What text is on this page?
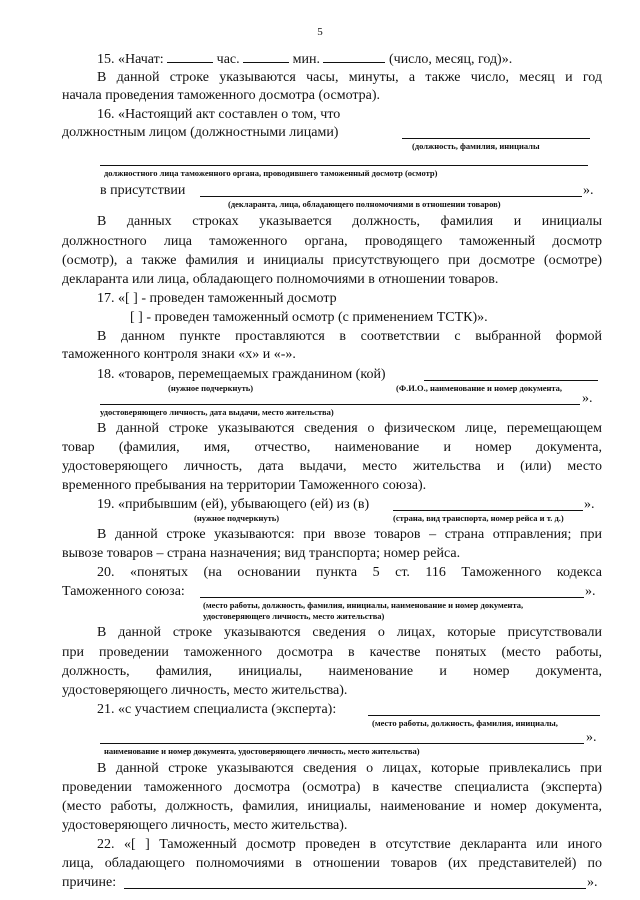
5
15. «Начат:	час.	мин.	(число, месяц, год)».
В данной строке указываются часы, минуты, а также число, месяц и год
начала проведения таможенного досмотра (осмотра).
16. «Настоящий акт составлен о том, что
должностным лицом (должностными лицами)
(должность, фамилия, инициалы
должностного лица таможенного органа, проводившего таможенный досмотр (осмотр)
в присутствии	».
(декларанта, лица, обладающего полномочиями в отношении товаров)
В данных строках указывается должность, фамилия и инициалы
должностного лица таможенного органа, проводящего таможенный досмотр
(осмотр), а также фамилия и инициалы присутствующего при досмотре (осмотре)
декларанта или лица, обладающего полномочиями в отношении товаров.
17. «[ ] - проведен таможенный досмотр
[ ] - проведен таможенный осмотр (с применением ТСТК)».
В данном пункте проставляются в соответствии с выбранной формой
таможенного контроля знаки «x» и «-».
18. «товаров, перемещаемых гражданином (кой)
(нужное подчеркнуть)	(Ф.И.О., наименование и номер документа,
».
удостоверяющего личность, дата выдачи, место жительства)
В данной строке указываются сведения о физическом лице, перемещающем
товар (фамилия, имя, отчество, наименование и номер документа,
удостоверяющего личность, дата выдачи, место жительства и (или) место
временного пребывания на территории Таможенного союза).
19. «прибывшим (ей), убывающего (ей) из (в)	».
(нужное подчеркнуть)	(страна, вид транспорта, номер рейса и т. д.)
В данной строке указываются: при ввозе товаров – страна отправления; при
вывозе товаров – страна назначения; вид транспорта; номер рейса.
20. «понятых (на основании пункта 5 ст. 116 Таможенного кодекса
Таможенного союза:	».
(место работы, должность, фамилия, инициалы, наименование и номер документа,
удостоверяющего личность, место жительства)
В данной строке указываются сведения о лицах, которые присутствовали
при проведении таможенного досмотра в качестве понятых (место работы,
должность, фамилия, инициалы, наименование и номер документа,
удостоверяющего личность, место жительства).
21. «с участием специалиста (эксперта):
(место работы, должность, фамилия, инициалы,
».
наименование и номер документа, удостоверяющего личность, место жительства)
В данной строке указываются сведения о лицах, которые привлекались при
проведении таможенного досмотра (осмотра) в качестве специалиста (эксперта)
(место работы, должность, фамилия, инициалы, наименование и номер документа,
удостоверяющего личность, место жительства).
22. «[ ] Таможенный досмотр проведен в отсутствие декларанта или иного
лица, обладающего полномочиями в отношении товаров (их представителей) по
причине:	».
